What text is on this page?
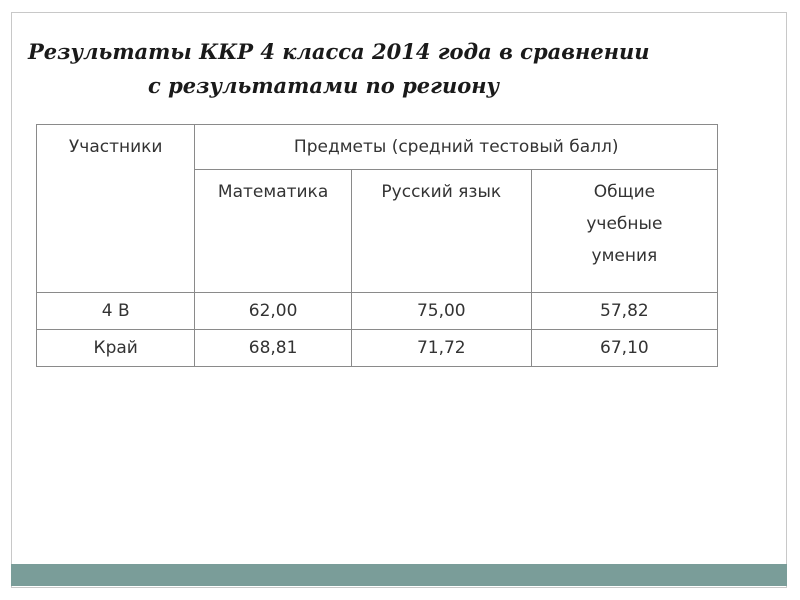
Результаты ККР 4 класса 2014 года в сравнении
с результатами по региону
Участники	Предметы (средний тестовый балл)		
	Математика	Русский язык	Общие
учебные
умения

4 В	62,00	75,00	57,82
Край	68,81	71,72	67,10
